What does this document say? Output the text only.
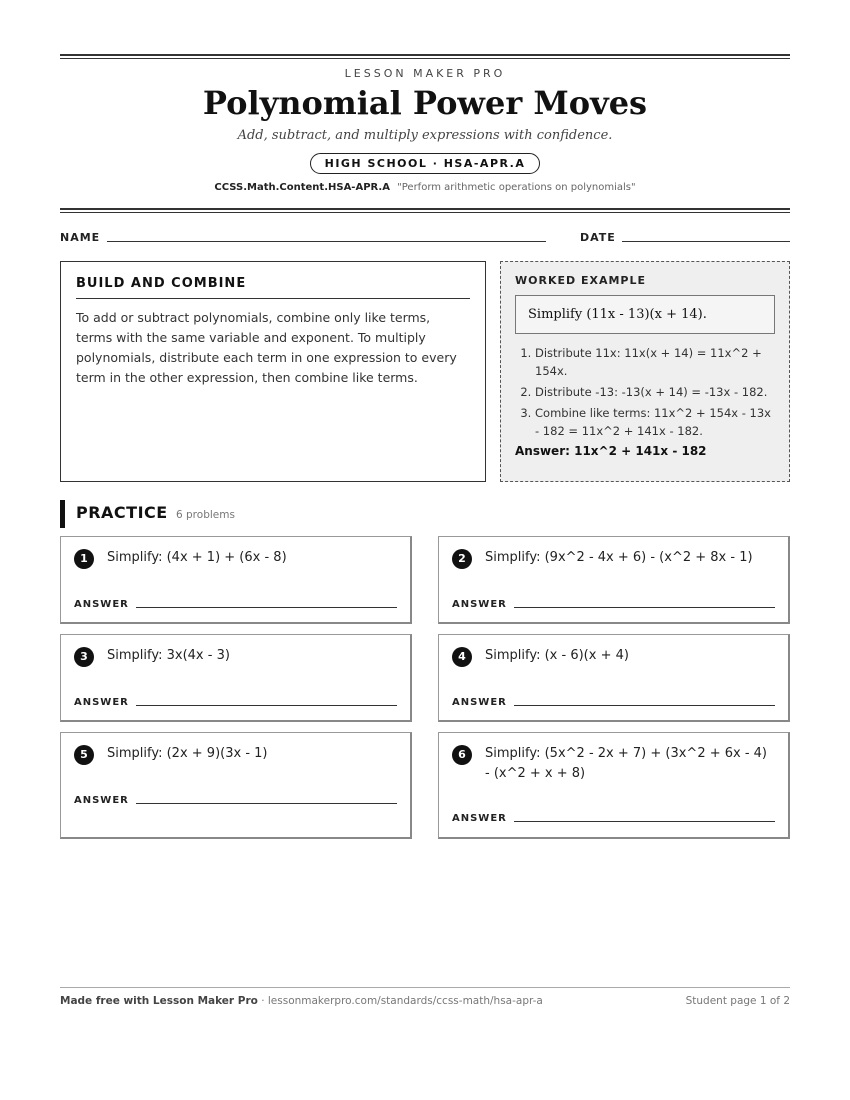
LESSON MAKER PRO
Polynomial Power Moves
Add, subtract, and multiply expressions with confidence.
HIGH SCHOOL · HSA-APR.A
CCSS.Math.Content.HSA-APR.A "Perform arithmetic operations on polynomials"
NAME	DATE
BUILD AND COMBINE

To add or subtract polynomials, combine only like terms, terms with the same variable and exponent. To multiply polynomials, distribute each term in one expression to every term in the other expression, then combine like terms.

WORKED EXAMPLE
Simplify (11x - 13)(x + 14).
1. Distribute 11x: 11x(x + 14) = 11x^2 + 154x.
2. Distribute -13: -13(x + 14) = -13x - 182.
3. Combine like terms: 11x^2 + 154x - 13x - 182 = 11x^2 + 141x - 182.
Answer: 11x^2 + 141x - 182
PRACTICE 6 problems
1	Simplify: (4x + 1) + (6x - 8)
ANSWER
2	Simplify: (9x^2 - 4x + 6) - (x^2 + 8x - 1)
ANSWER
3	Simplify: 3x(4x - 3)
ANSWER
4	Simplify: (x - 6)(x + 4)
ANSWER
5	Simplify: (2x + 9)(3x - 1)
ANSWER
6	Simplify: (5x^2 - 2x + 7) + (3x^2 + 6x - 4) - (x^2 + x + 8)
ANSWER
Made free with Lesson Maker Pro · lessonmakerpro.com/standards/ccss-math/hsa-apr-a	Student page 1 of 2
